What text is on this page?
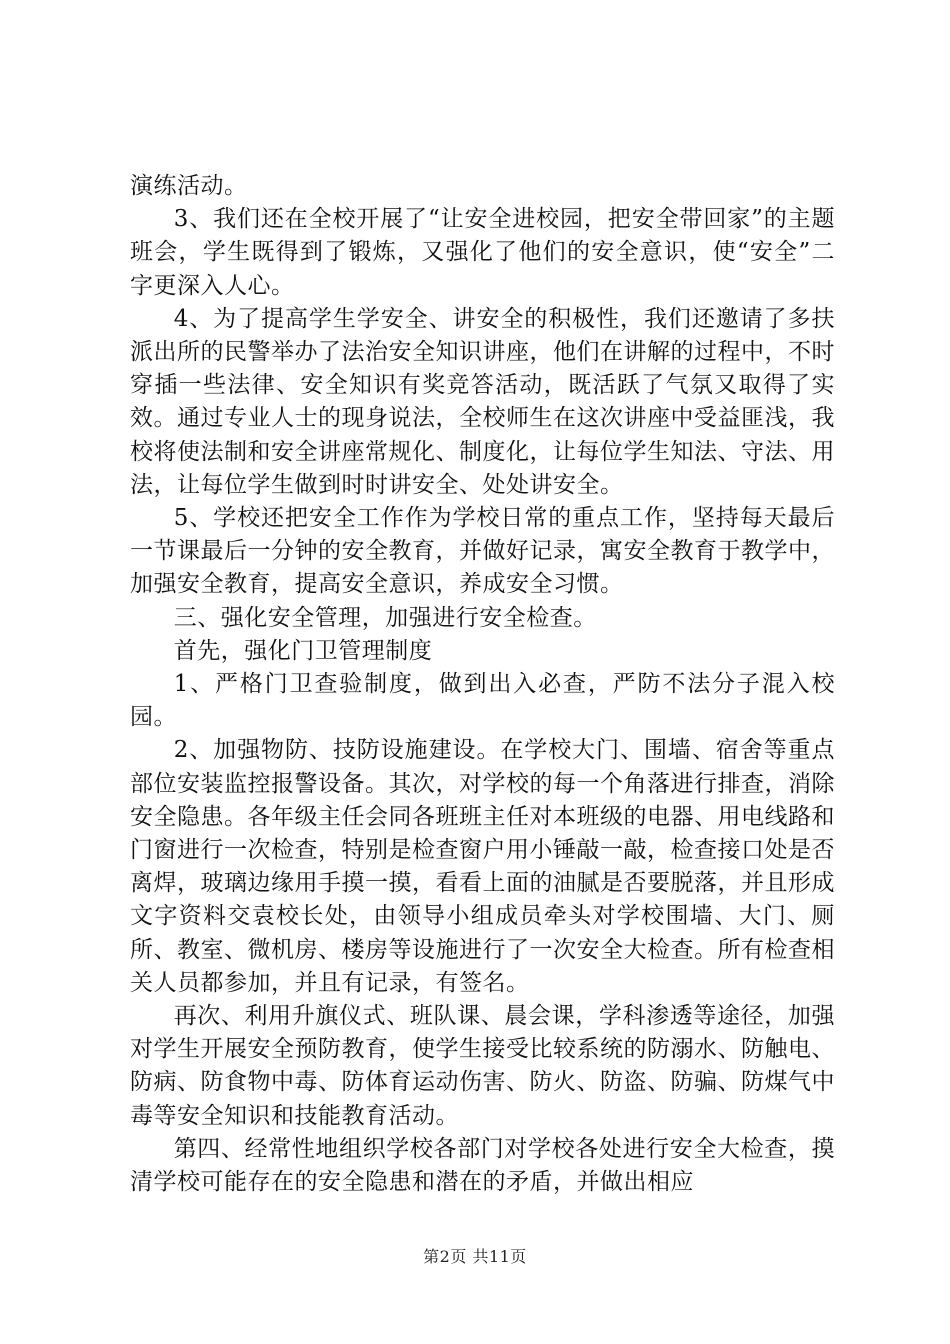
演练活动。

3、我们还在全校开展了“让安全进校园，把安全带回家”的主题班会，学生既得到了锻炼，又强化了他们的安全意识，使“安全”二字更深入人心。

4、为了提高学生学安全、讲安全的积极性，我们还邀请了多扶派出所的民警举办了法治安全知识讲座，他们在讲解的过程中，不时穿插一些法律、安全知识有奖竞答活动，既活跃了气氛又取得了实效。通过专业人士的现身说法，全校师生在这次讲座中受益匪浅，我校将使法制和安全讲座常规化、制度化，让每位学生知法、守法、用法，让每位学生做到时时讲安全、处处讲安全。

5、学校还把安全工作作为学校日常的重点工作，坚持每天最后一节课最后一分钟的安全教育，并做好记录，寓安全教育于教学中，加强安全教育，提高安全意识，养成安全习惯。

三、强化安全管理，加强进行安全检查。

首先，强化门卫管理制度

1、严格门卫查验制度，做到出入必查，严防不法分子混入校园。

2、加强物防、技防设施建设。在学校大门、围墙、宿舍等重点部位安装监控报警设备。其次，对学校的每一个角落进行排查，消除安全隐患。各年级主任会同各班班主任对本班级的电器、用电线路和门窗进行一次检查，特别是检查窗户用小锤敲一敲，检查接口处是否离焊，玻璃边缘用手摸一摸，看看上面的油腻是否要脱落，并且形成文字资料交袁校长处，由领导小组成员牵头对学校围墙、大门、厕所、教室、微机房、楼房等设施进行了一次安全大检查。所有检查相关人员都参加，并且有记录，有签名。

再次、利用升旗仪式、班队课、晨会课，学科渗透等途径，加强对学生开展安全预防教育，使学生接受比较系统的防溺水、防触电、防病、防食物中毒、防体育运动伤害、防火、防盗、防骗、防煤气中毒等安全知识和技能教育活动。

第四、经常性地组织学校各部门对学校各处进行安全大检查，摸清学校可能存在的安全隐患和潜在的矛盾，并做出相应

第2页 共11页
